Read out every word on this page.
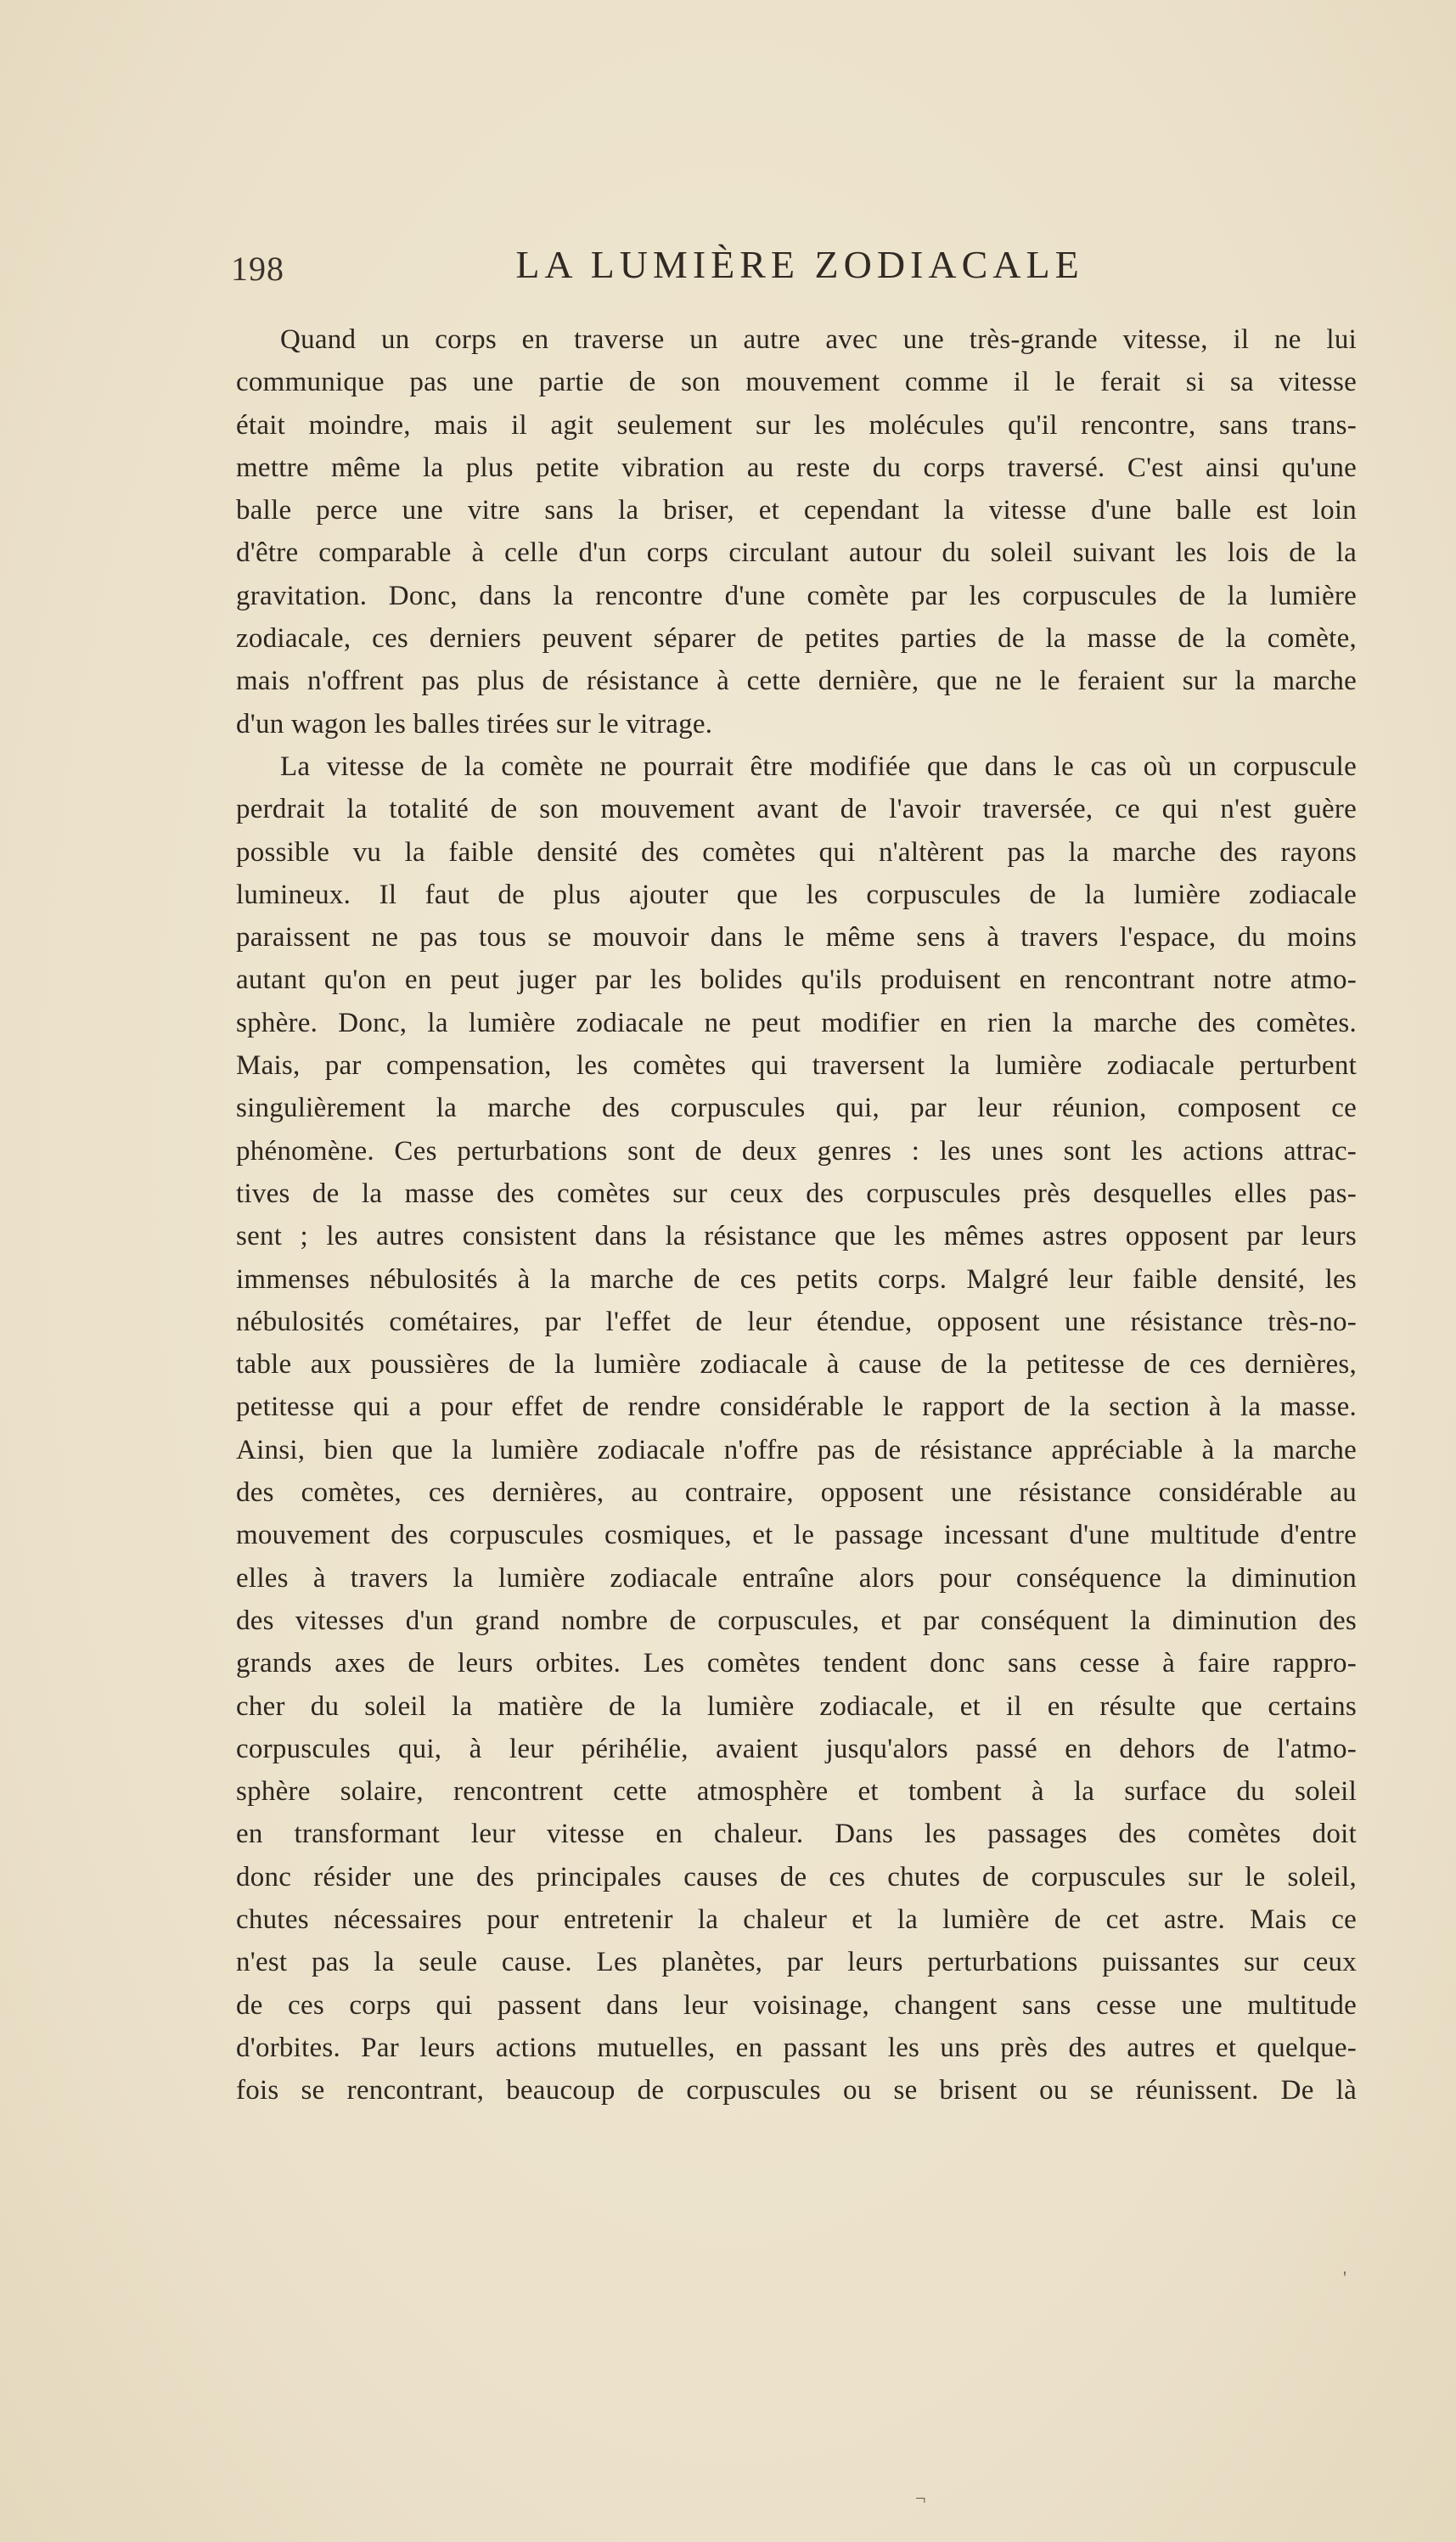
198	LA LUMIÈRE ZODIACALE
Quand un corps en traverse un autre avec une très-grande vitesse, il ne lui
communique pas une partie de son mouvement comme il le ferait si sa vitesse
était moindre, mais il agit seulement sur les molécules qu'il rencontre, sans trans-
mettre même la plus petite vibration au reste du corps traversé. C'est ainsi qu'une
balle perce une vitre sans la briser, et cependant la vitesse d'une balle est loin
d'être comparable à celle d'un corps circulant autour du soleil suivant les lois de la
gravitation. Donc, dans la rencontre d'une comète par les corpuscules de la lumière
zodiacale, ces derniers peuvent séparer de petites parties de la masse de la comète,
mais n'offrent pas plus de résistance à cette dernière, que ne le feraient sur la marche
d'un wagon les balles tirées sur le vitrage.
La vitesse de la comète ne pourrait être modifiée que dans le cas où un corpuscule
perdrait la totalité de son mouvement avant de l'avoir traversée, ce qui n'est guère
possible vu la faible densité des comètes qui n'altèrent pas la marche des rayons
lumineux. Il faut de plus ajouter que les corpuscules de la lumière zodiacale
paraissent ne pas tous se mouvoir dans le même sens à travers l'espace, du moins
autant qu'on en peut juger par les bolides qu'ils produisent en rencontrant notre atmo-
sphère. Donc, la lumière zodiacale ne peut modifier en rien la marche des comètes.
Mais, par compensation, les comètes qui traversent la lumière zodiacale perturbent
singulièrement la marche des corpuscules qui, par leur réunion, composent ce
phénomène. Ces perturbations sont de deux genres : les unes sont les actions attrac-
tives de la masse des comètes sur ceux des corpuscules près desquelles elles pas-
sent ; les autres consistent dans la résistance que les mêmes astres opposent par leurs
immenses nébulosités à la marche de ces petits corps. Malgré leur faible densité, les
nébulosités cométaires, par l'effet de leur étendue, opposent une résistance très-no-
table aux poussières de la lumière zodiacale à cause de la petitesse de ces dernières,
petitesse qui a pour effet de rendre considérable le rapport de la section à la masse.
Ainsi, bien que la lumière zodiacale n'offre pas de résistance appréciable à la marche
des comètes, ces dernières, au contraire, opposent une résistance considérable au
mouvement des corpuscules cosmiques, et le passage incessant d'une multitude d'entre
elles à travers la lumière zodiacale entraîne alors pour conséquence la diminution
des vitesses d'un grand nombre de corpuscules, et par conséquent la diminution des
grands axes de leurs orbites. Les comètes tendent donc sans cesse à faire rappro-
cher du soleil la matière de la lumière zodiacale, et il en résulte que certains
corpuscules qui, à leur périhélie, avaient jusqu'alors passé en dehors de l'atmo-
sphère solaire, rencontrent cette atmosphère et tombent à la surface du soleil
en transformant leur vitesse en chaleur. Dans les passages des comètes doit
donc résider une des principales causes de ces chutes de corpuscules sur le soleil,
chutes nécessaires pour entretenir la chaleur et la lumière de cet astre. Mais ce
n'est pas la seule cause. Les planètes, par leurs perturbations puissantes sur ceux
de ces corps qui passent dans leur voisinage, changent sans cesse une multitude
d'orbites. Par leurs actions mutuelles, en passant les uns près des autres et quelque-
fois se rencontrant, beaucoup de corpuscules ou se brisent ou se réunissent. De là
'
¬
